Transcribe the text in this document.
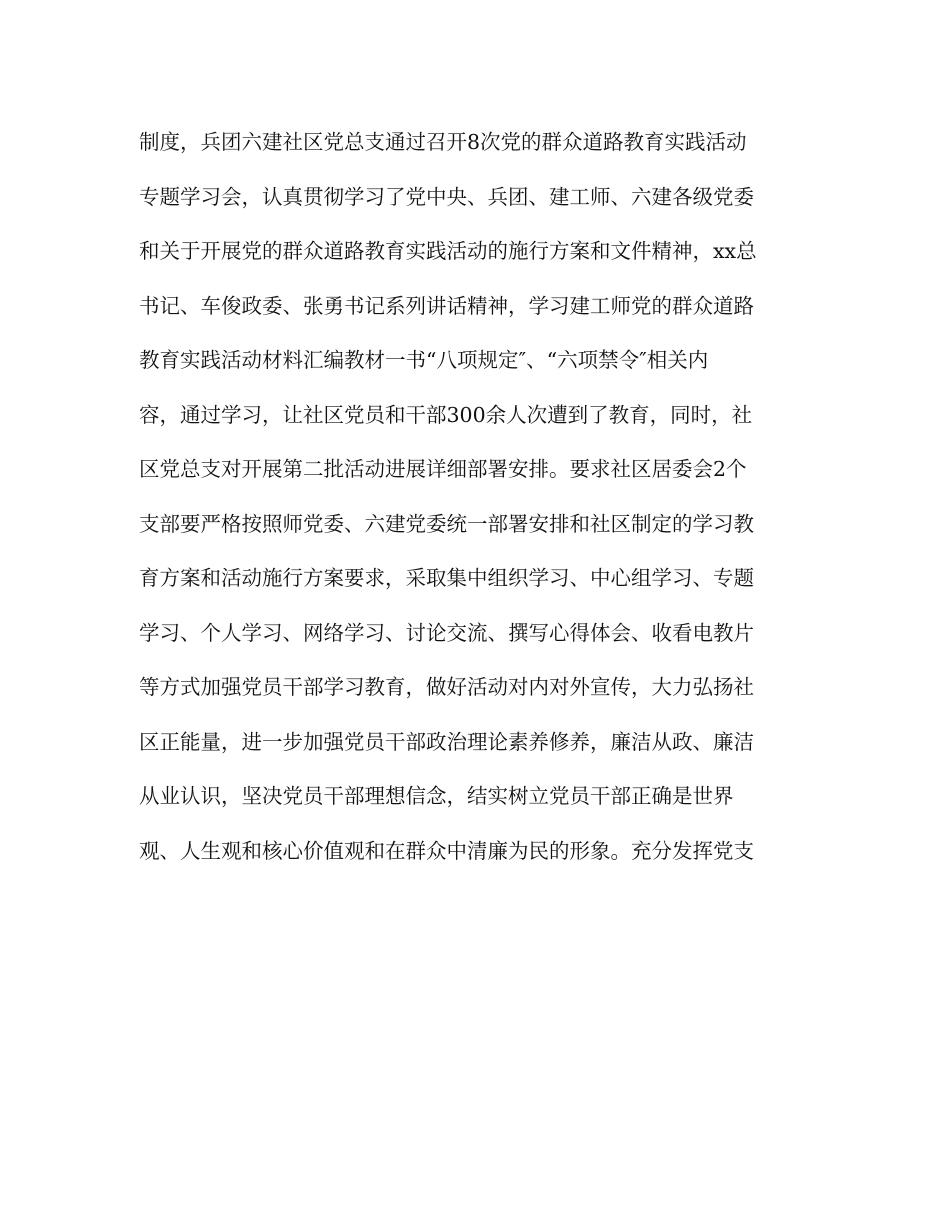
制度，兵团六建社区党总支通过召开8次党的群众道路教育实践活动
专题学习会，认真贯彻学习了党中央、兵团、建工师、六建各级党委
和关于开展党的群众道路教育实践活动的施行方案和文件精神，xx总
书记、车俊政委、张勇书记系列讲话精神，学习建工师党的群众道路
教育实践活动材料汇编教材一书“八项规定″、“六项禁令″相关内
容，通过学习，让社区党员和干部300余人次遭到了教育，同时，社
区党总支对开展第二批活动进展详细部署安排。要求社区居委会2个
支部要严格按照师党委、六建党委统一部署安排和社区制定的学习教
育方案和活动施行方案要求，采取集中组织学习、中心组学习、专题
学习、个人学习、网络学习、讨论交流、撰写心得体会、收看电教片
等方式加强党员干部学习教育，做好活动对内对外宣传，大力弘扬社
区正能量，进一步加强党员干部政治理论素养修养，廉洁从政、廉洁
从业认识，坚决党员干部理想信念，结实树立党员干部正确是世界
观、人生观和核心价值观和在群众中清廉为民的形象。充分发挥党支
